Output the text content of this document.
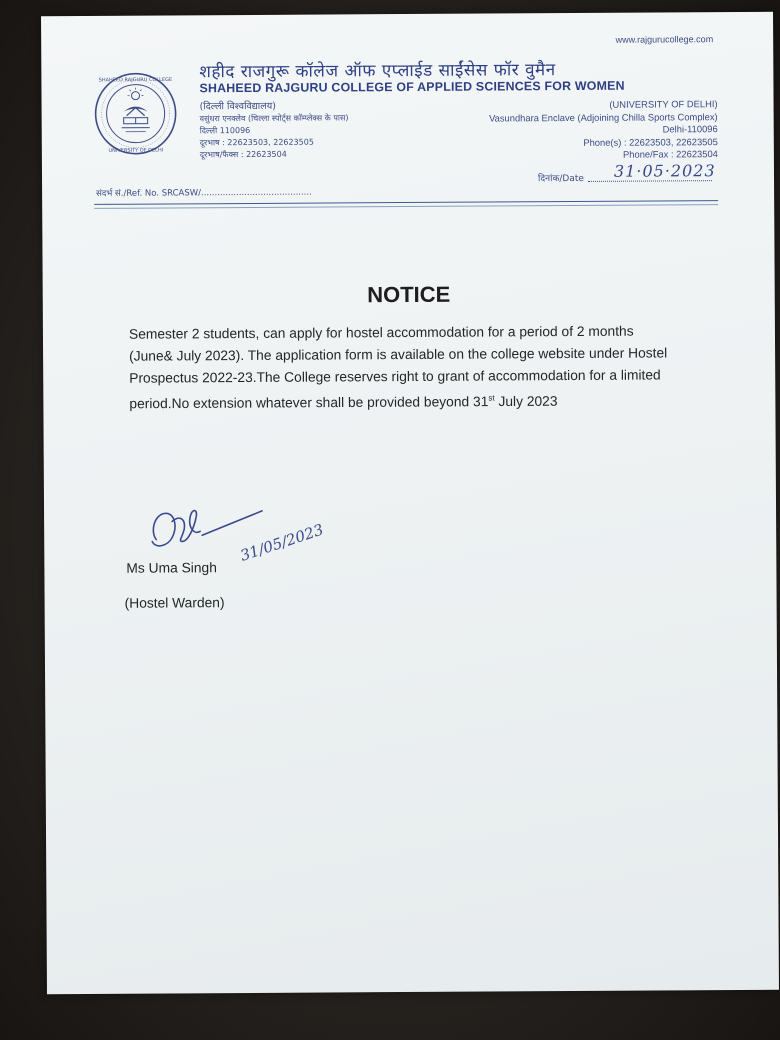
SHAHEED RAJGURU COLLEGE
UNIVERSITY OF DELHI
www.rajgurucollege.com
शहीद राजगुरू कॉलेज ऑफ एप्लाईड साईंसेस फॉर वुमैन
SHAHEED RAJGURU COLLEGE OF APPLIED SCIENCES FOR WOMEN
(दिल्ली विश्वविद्यालय)
वसुंधरा एनक्लेव (चिल्ला स्पोर्ट्स कॉम्प्लेक्स के पास)
दिल्ली 110096
दूरभाष : 22623503, 22623505
दूरभाष/फैक्स : 22623504
(UNIVERSITY OF DELHI)
Vasundhara Enclave (Adjoining Chilla Sports Complex)
Delhi-110096
Phone(s) : 22623503, 22623505
Phone/Fax : 22623504
दिनांक/Date 31·05·2023
संदर्भ सं./Ref. No. SRCASW/.........................................
NOTICE

Semester 2 students, can apply for hostel accommodation for a period of 2 months (June& July 2023). The application form is available on the college website under Hostel Prospectus 2022-23.The College reserves right to grant of accommodation for a limited period.No extension whatever shall be provided beyond 31st July 2023

31/05/2023
Ms Uma Singh
(Hostel Warden)
